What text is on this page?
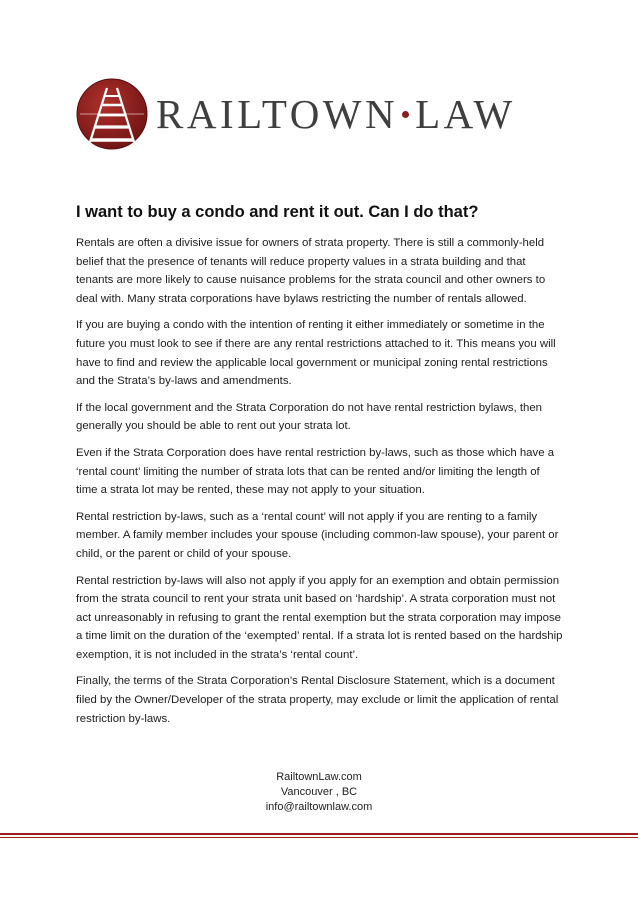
RAILTOWN LAW
I want to buy a condo and rent it out. Can I do that?

Rentals are often a divisive issue for owners of strata property. There is still a commonly-held belief that the presence of tenants will reduce property values in a strata building and that tenants are more likely to cause nuisance problems for the strata council and other owners to deal with. Many strata corporations have bylaws restricting the number of rentals allowed.

If you are buying a condo with the intention of renting it either immediately or sometime in the future you must look to see if there are any rental restrictions attached to it. This means you will have to find and review the applicable local government or municipal zoning rental restrictions and the Strata’s by-laws and amendments.

If the local government and the Strata Corporation do not have rental restriction bylaws, then generally you should be able to rent out your strata lot.

Even if the Strata Corporation does have rental restriction by-laws, such as those which have a ‘rental count’ limiting the number of strata lots that can be rented and/or limiting the length of time a strata lot may be rented, these may not apply to your situation.

Rental restriction by-laws, such as a ‘rental count’ will not apply if you are renting to a family member. A family member includes your spouse (including common-law spouse), your parent or child, or the parent or child of your spouse.

Rental restriction by-laws will also not apply if you apply for an exemption and obtain permission from the strata council to rent your strata unit based on ‘hardship’. A strata corporation must not act unreasonably in refusing to grant the rental exemption but the strata corporation may impose a time limit on the duration of the ‘exempted’ rental. If a strata lot is rented based on the hardship exemption, it is not included in the strata’s ‘rental count’.

Finally, the terms of the Strata Corporation’s Rental Disclosure Statement, which is a document filed by the Owner/Developer of the strata property, may exclude or limit the application of rental restriction by-laws.

RailtownLaw.com
Vancouver , BC
info@railtownlaw.com
